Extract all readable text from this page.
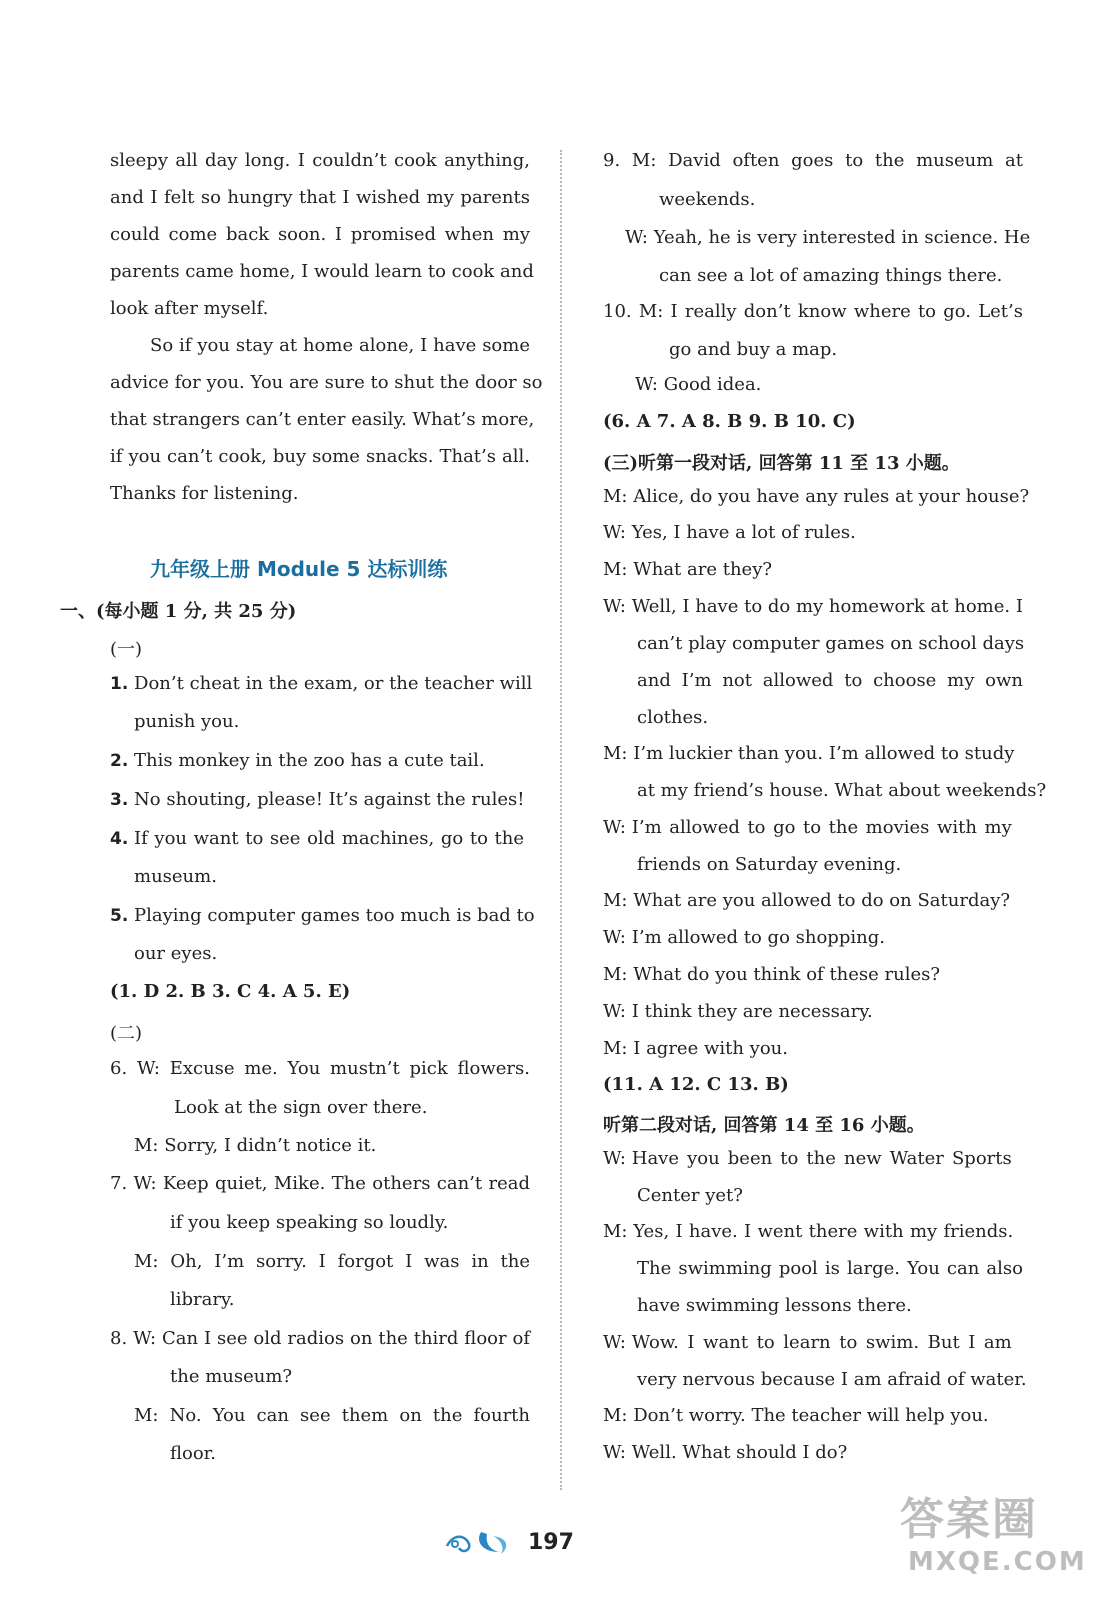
sleepy all day long. I couldn’t cook anything,
and I felt so hungry that I wished my parents
could come back soon. I promised when my
parents came home, I would learn to cook and
look after myself.
So if you stay at home alone, I have some
advice for you. You are sure to shut the door so
that strangers can’t enter easily. What’s more,
if you can’t cook, buy some snacks. That’s all.
Thanks for listening.
九年级上册 Module 5 达标训练
一、(每小题 1 分, 共 25 分)
(一)
1. Don’t cheat in the exam, or the teacher will
punish you.
2. This monkey in the zoo has a cute tail.
3. No shouting, please! It’s against the rules!
4. If you want to see old machines, go to the
museum.
5. Playing computer games too much is bad to
our eyes.
(1. D 2. B 3. C 4. A 5. E)
(二)
6. W: Excuse me. You mustn’t pick flowers.
Look at the sign over there.
M: Sorry, I didn’t notice it.
7. W: Keep quiet, Mike. The others can’t read
if you keep speaking so loudly.
M: Oh, I’m sorry. I forgot I was in the
library.
8. W: Can I see old radios on the third floor of
the museum?
M: No. You can see them on the fourth
floor.
9. M: David often goes to the museum at
weekends.
W: Yeah, he is very interested in science. He
can see a lot of amazing things there.
10. M: I really don’t know where to go. Let’s
go and buy a map.
W: Good idea.
(6. A 7. A 8. B 9. B 10. C)
(三)听第一段对话, 回答第 11 至 13 小题。
M: Alice, do you have any rules at your house?
W: Yes, I have a lot of rules.
M: What are they?
W: Well, I have to do my homework at home. I
can’t play computer games on school days
and I’m not allowed to choose my own
clothes.
M: I’m luckier than you. I’m allowed to study
at my friend’s house. What about weekends?
W: I’m allowed to go to the movies with my
friends on Saturday evening.
M: What are you allowed to do on Saturday?
W: I’m allowed to go shopping.
M: What do you think of these rules?
W: I think they are necessary.
M: I agree with you.
(11. A 12. C 13. B)
听第二段对话, 回答第 14 至 16 小题。
W: Have you been to the new Water Sports
Center yet?
M: Yes, I have. I went there with my friends.
The swimming pool is large. You can also
have swimming lessons there.
W: Wow. I want to learn to swim. But I am
very nervous because I am afraid of water.
M: Don’t worry. The teacher will help you.
W: Well. What should I do?
197	答案圈
MXQE.COM
